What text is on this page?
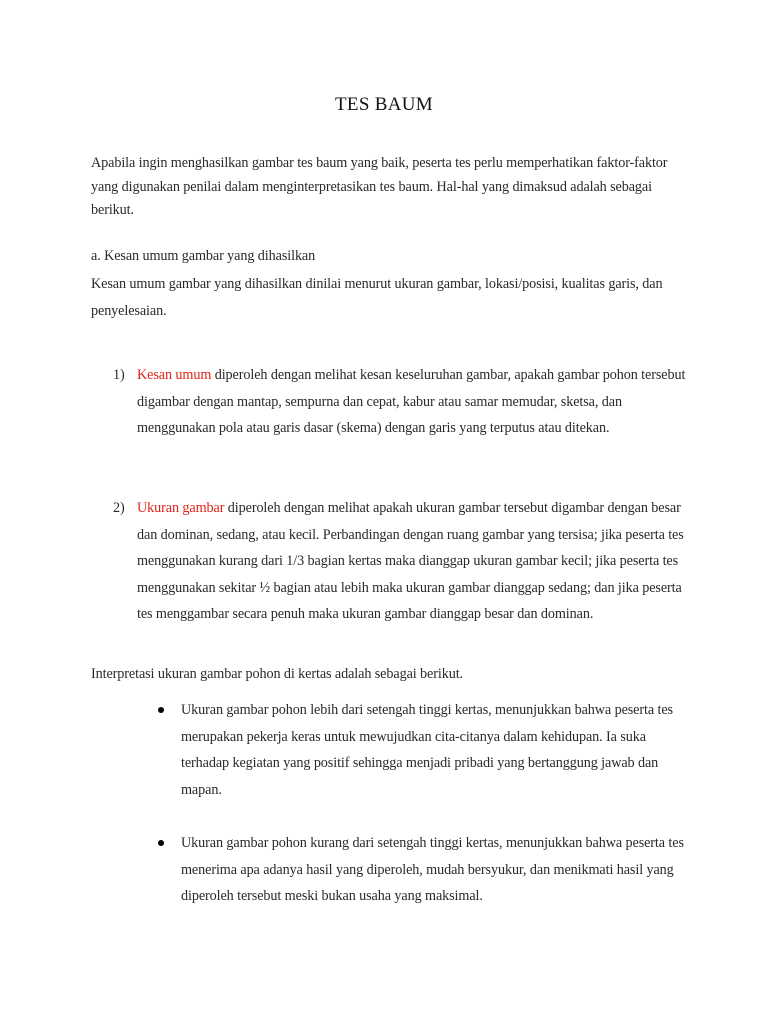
TES BAUM
Apabila ingin menghasilkan gambar tes baum yang baik, peserta tes perlu memperhatikan faktor-faktor yang digunakan penilai dalam menginterpretasikan tes baum. Hal-hal yang dimaksud adalah sebagai berikut.
a. Kesan umum gambar yang dihasilkan
Kesan umum gambar yang dihasilkan dinilai menurut ukuran gambar, lokasi/posisi, kualitas garis, dan penyelesaian.
1) Kesan umum diperoleh dengan melihat kesan keseluruhan gambar, apakah gambar pohon tersebut digambar dengan mantap, sempurna dan cepat, kabur atau samar memudar, sketsa, dan menggunakan pola atau garis dasar (skema) dengan garis yang terputus atau ditekan.
2) Ukuran gambar diperoleh dengan melihat apakah ukuran gambar tersebut digambar dengan besar dan dominan, sedang, atau kecil. Perbandingan dengan ruang gambar yang tersisa; jika peserta tes menggunakan kurang dari 1/3 bagian kertas maka dianggap ukuran gambar kecil; jika peserta tes menggunakan sekitar ½ bagian atau lebih maka ukuran gambar dianggap sedang; dan jika peserta tes menggambar secara penuh maka ukuran gambar dianggap besar dan dominan.
Interpretasi ukuran gambar pohon di kertas adalah sebagai berikut.
Ukuran gambar pohon lebih dari setengah tinggi kertas, menunjukkan bahwa peserta tes merupakan pekerja keras untuk mewujudkan cita-citanya dalam kehidupan. Ia suka terhadap kegiatan yang positif sehingga menjadi pribadi yang bertanggung jawab dan mapan.
Ukuran gambar pohon kurang dari setengah tinggi kertas, menunjukkan bahwa peserta tes menerima apa adanya hasil yang diperoleh, mudah bersyukur, dan menikmati hasil yang diperoleh tersebut meski bukan usaha yang maksimal.
